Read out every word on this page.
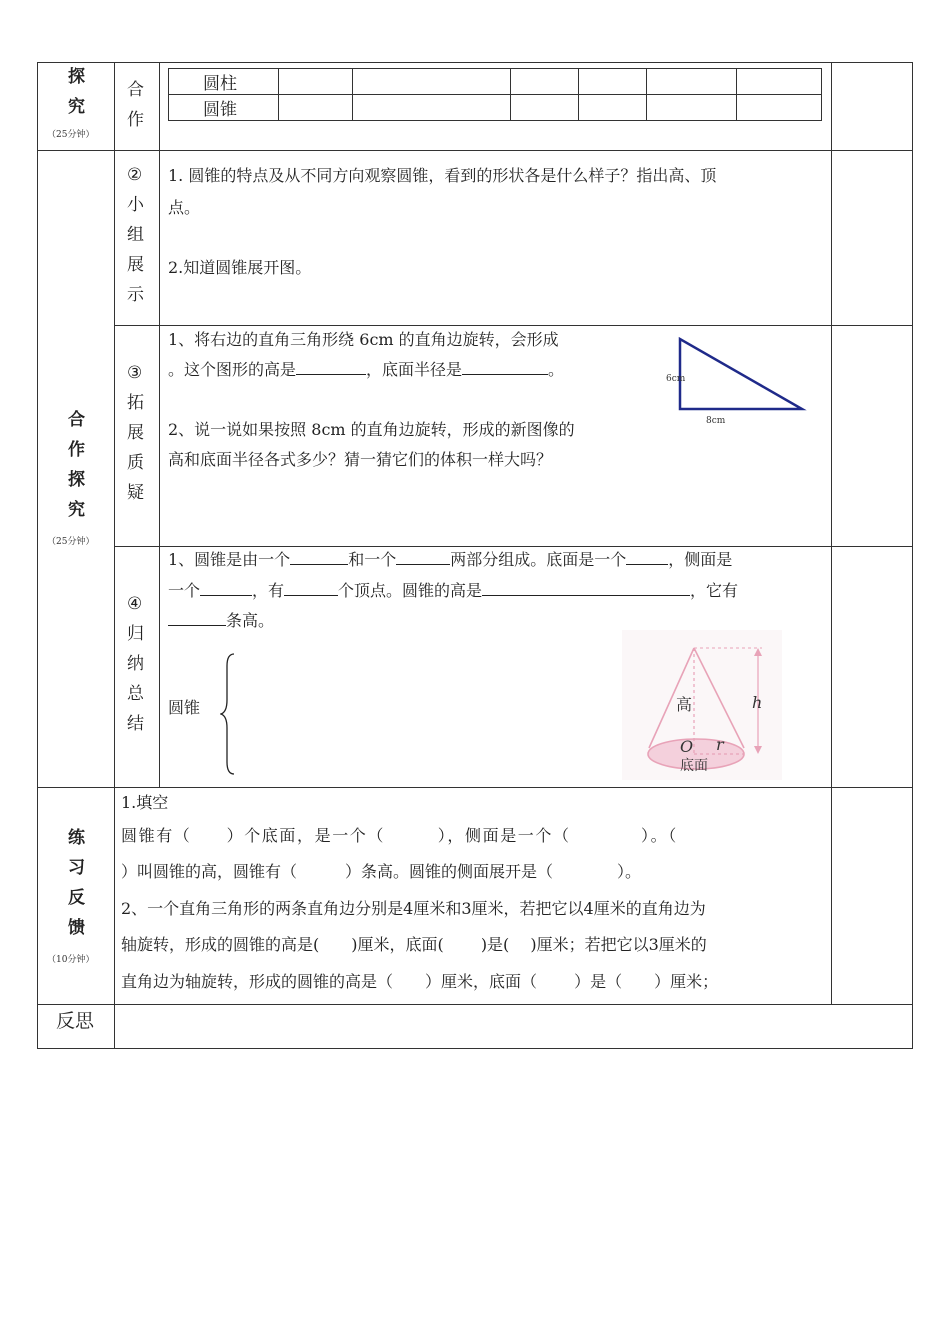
探
究
（25分钟）
合
作
圆柱						
圆锥						
合
作
探
究
（25分钟）
②
小
组
展
示
1. 圆锥的特点及从不同方向观察圆锥，看到的形状各是什么样子？指出高、顶
点。
2.知道圆锥展开图。
③
拓
展
质
疑
1、将右边的直角三角形绕 6cm 的直角边旋转，会形成
。这个图形的高是	，底面半径是	。
2、说一说如果按照 8cm 的直角边旋转，形成的新图像的
高和底面半径各式多少？猜一猜它们的体积一样大吗？
6cm
8cm
④
归
纳
总
结
1、圆锥是由一个	和一个	两部分组成。底面是一个	，侧面是
一个	，有	个顶点。圆锥的高是	，它有
条高。
圆锥	高	h
O r
底面
练
习
反
馈
（10分钟）
1.填空
圆锥有（　　）个底面，是一个（　　　），侧面是一个（　　　　）。（
）叫圆锥的高，圆锥有（　　　）条高。圆锥的侧面展开是（　　　　）。
2、一个直角三角形的两条直角边分别是4厘米和3厘米，若把它以4厘米的直角边为
轴旋转，形成的圆锥的高是(　　)厘米，底面(　　 )是(　 )厘米；若把它以3厘米的
直角边为轴旋转，形成的圆锥的高是（　　）厘米，底面（　　 ）是（　　）厘米；
反思
